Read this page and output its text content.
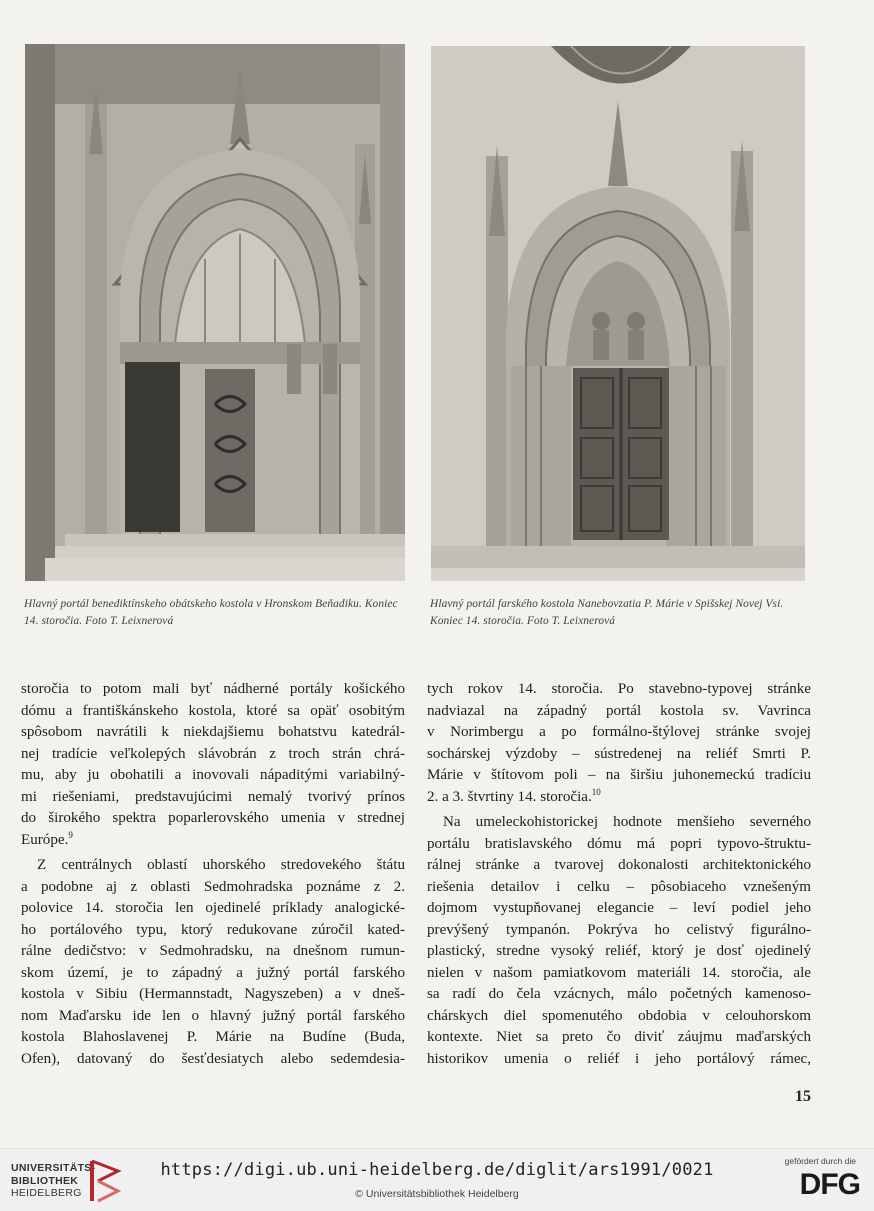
Hlavný portál benediktínskeho obátskeho kostola v Hronskom Beňadiku. Koniec
14. storočia. Foto T. Leixnerová
Hlavný portál farského kostola Nanebovzatia P. Márie v Spišskej Novej Vsi.
Koniec 14. storočia. Foto T. Leixnerová

storočia to potom mali byť nádherné portály košického
dómu a františkánskeho kostola, ktoré sa opäť osobitým
spôsobom navrátili k niekdajšiemu bohatstvu katedrál-
nej tradície veľkolepých slávobrán z troch strán chrá-
mu, aby ju obohatili a inovovali nápaditými variabilný-
mi riešeniami, predstavujúcimi nemalý tvorivý prínos
do širokého spektra poparlerovského umenia v strednej
Európe.$^9$

Z centrálnych oblastí uhorského stredovekého štátu
a podobne aj z oblasti Sedmohradska poznáme z 2.
polovice 14. storočia len ojedinelé príklady analogické-
ho portálového typu, ktorý redukovane zúročil kated-
rálne dedičstvo: v Sedmohradsku, na dnešnom rumun-
skom území, je to západný a južný portál farského
kostola v Sibiu (Hermannstadt, Nagyszeben) a v dneš-
nom Maďarsku ide len o hlavný južný portál farského
kostola Blahoslavenej P. Márie na Budíne (Buda,
Ofen), datovaný do šesťdesiatych alebo sedemdesia-

tych rokov 14. storočia. Po stavebno-typovej stránke
nadviazal na západný portál kostola sv. Vavrinca
v Norimbergu a po formálno-štýlovej stránke svojej
sochárskej výzdoby – sústredenej na reliéf Smrti P.
Márie v štítovom poli – na širšiu juhonemeckú tradíciu
2. a 3. štvrtiny 14. storočia.$^{10}$

Na umeleckohistorickej hodnote menšieho severného
portálu bratislavského dómu má popri typovo-štruktu-
rálnej stránke a tvarovej dokonalosti architektonického
riešenia detailov i celku – pôsobiaceho vznešeným
dojmom vystupňovanej elegancie – leví podiel jeho
prevýšený tympanón. Pokrýva ho celistvý figurálno-
plastický, stredne vysoký reliéf, ktorý je dosť ojedinelý
nielen v našom pamiatkovom materiáli 14. storočia, ale
sa radí do čela vzácnych, málo početných kamenoso-
chárskych diel spomenutého obdobia v celouhorskom
kontexte. Niet sa preto čo diviť záujmu maďarských
historikov umenia o reliéf i jeho portálový rámec,

15
UNIVERSITÄTS-
BIBLIOTHEK
HEIDELBERG
https://digi.ub.uni-heidelberg.de/diglit/ars1991/0021
© Universitätsbibliothek Heidelberg
gefördert durch die
DFG
